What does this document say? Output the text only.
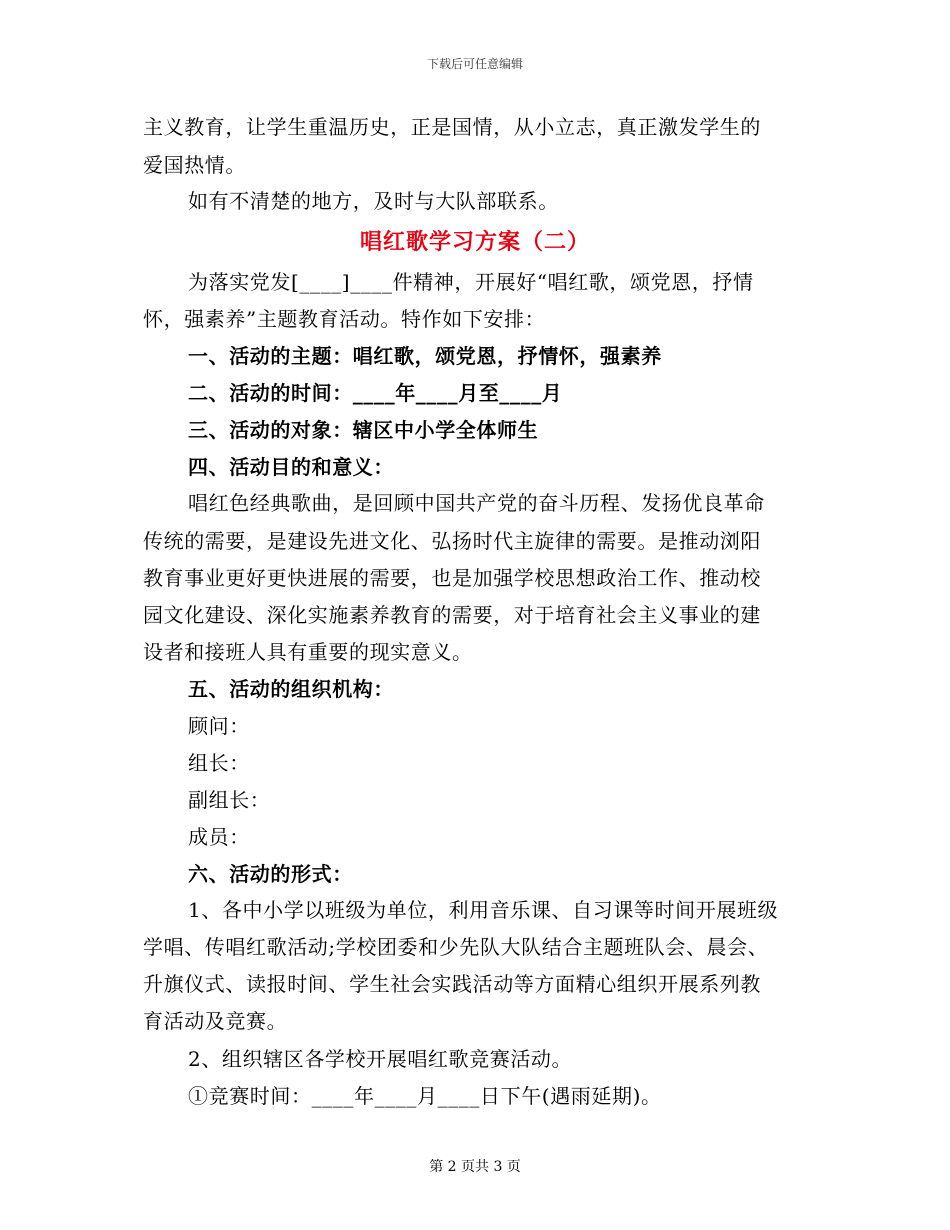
下载后可任意编辑
主义教育，让学生重温历史，正是国情，从小立志，真正激发学生的
爱国热情。
如有不清楚的地方，及时与大队部联系。
唱红歌学习方案（二）
为落实党发[____]____件精神，开展好“唱红歌，颂党恩，抒情
怀，强素养”主题教育活动。特作如下安排：
一、活动的主题：唱红歌，颂党恩，抒情怀，强素养
二、活动的时间：____年____月至____月
三、活动的对象：辖区中小学全体师生
四、活动目的和意义：
唱红色经典歌曲，是回顾中国共产党的奋斗历程、发扬优良革命
传统的需要，是建设先进文化、弘扬时代主旋律的需要。是推动浏阳
教育事业更好更快进展的需要，也是加强学校思想政治工作、推动校
园文化建设、深化实施素养教育的需要，对于培育社会主义事业的建
设者和接班人具有重要的现实意义。
五、活动的组织机构：
顾问：
组长：
副组长：
成员：
六、活动的形式：
1、各中小学以班级为单位，利用音乐课、自习课等时间开展班级
学唱、传唱红歌活动;学校团委和少先队大队结合主题班队会、晨会、
升旗仪式、读报时间、学生社会实践活动等方面精心组织开展系列教
育活动及竞赛。
2、组织辖区各学校开展唱红歌竞赛活动。
①竞赛时间：____年____月____日下午(遇雨延期)。
第 2 页共 3 页
